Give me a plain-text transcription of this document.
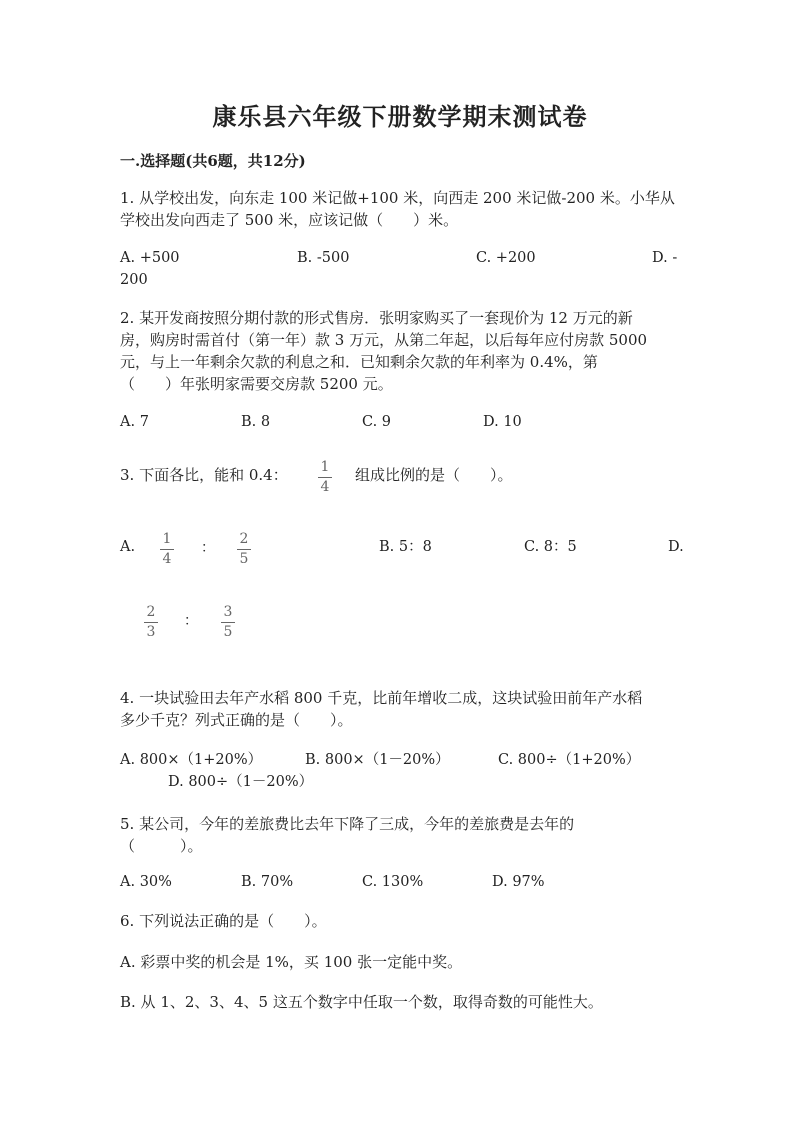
康乐县六年级下册数学期末测试卷
一.选择题(共6题，共12分)
1. 从学校出发，向东走 100 米记做+100 米，向西走 200 米记做-200 米。小华从
学校出发向西走了 500 米，应该记做（　　）米。
A. +500	B. -500	C. +200	D. -
200
2. 某开发商按照分期付款的形式售房．张明家购买了一套现价为 12 万元的新
房，购房时需首付（第一年）款 3 万元，从第二年起，以后每年应付房款 5000
元，与上一年剩余欠款的利息之和．已知剩余欠款的年利率为 0.4%，第
（　　）年张明家需要交房款 5200 元。
A. 7	B. 8	C. 9	D. 10
3. 下面各比，能和 0.4： 1
4
组成比例的是（　　）。
A. 1
4
：
2
5
B. 5：8	C. 8：5	D.
2
3
：
3
5
4. 一块试验田去年产水稻 800 千克，比前年增收二成，这块试验田前年产水稻
多少千克？列式正确的是（　　）。
A. 800×（1+20%）	B. 800×（1－20%）	C. 800÷（1+20%）
D. 800÷（1－20%）
5. 某公司，今年的差旅费比去年下降了三成，今年的差旅费是去年的
（　　　）。
A. 30%	B. 70%	C. 130%	D. 97%
6. 下列说法正确的是（　　）。
A. 彩票中奖的机会是 1%，买 100 张一定能中奖。
B. 从 1、2、3、4、5 这五个数字中任取一个数，取得奇数的可能性大。
